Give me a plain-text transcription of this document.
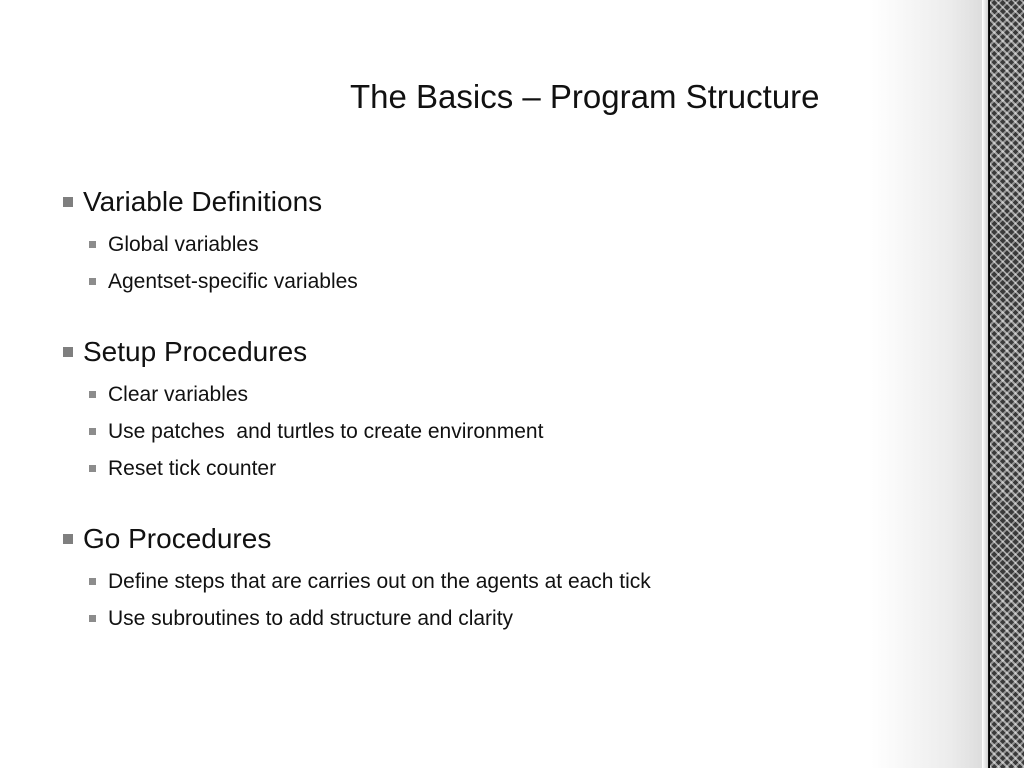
The Basics – Program Structure
Variable Definitions
Global variables
Agentset-specific variables
Setup Procedures
Clear variables
Use patches  and turtles to create environment
Reset tick counter
Go Procedures
Define steps that are carries out on the agents at each tick
Use subroutines to add structure and clarity
